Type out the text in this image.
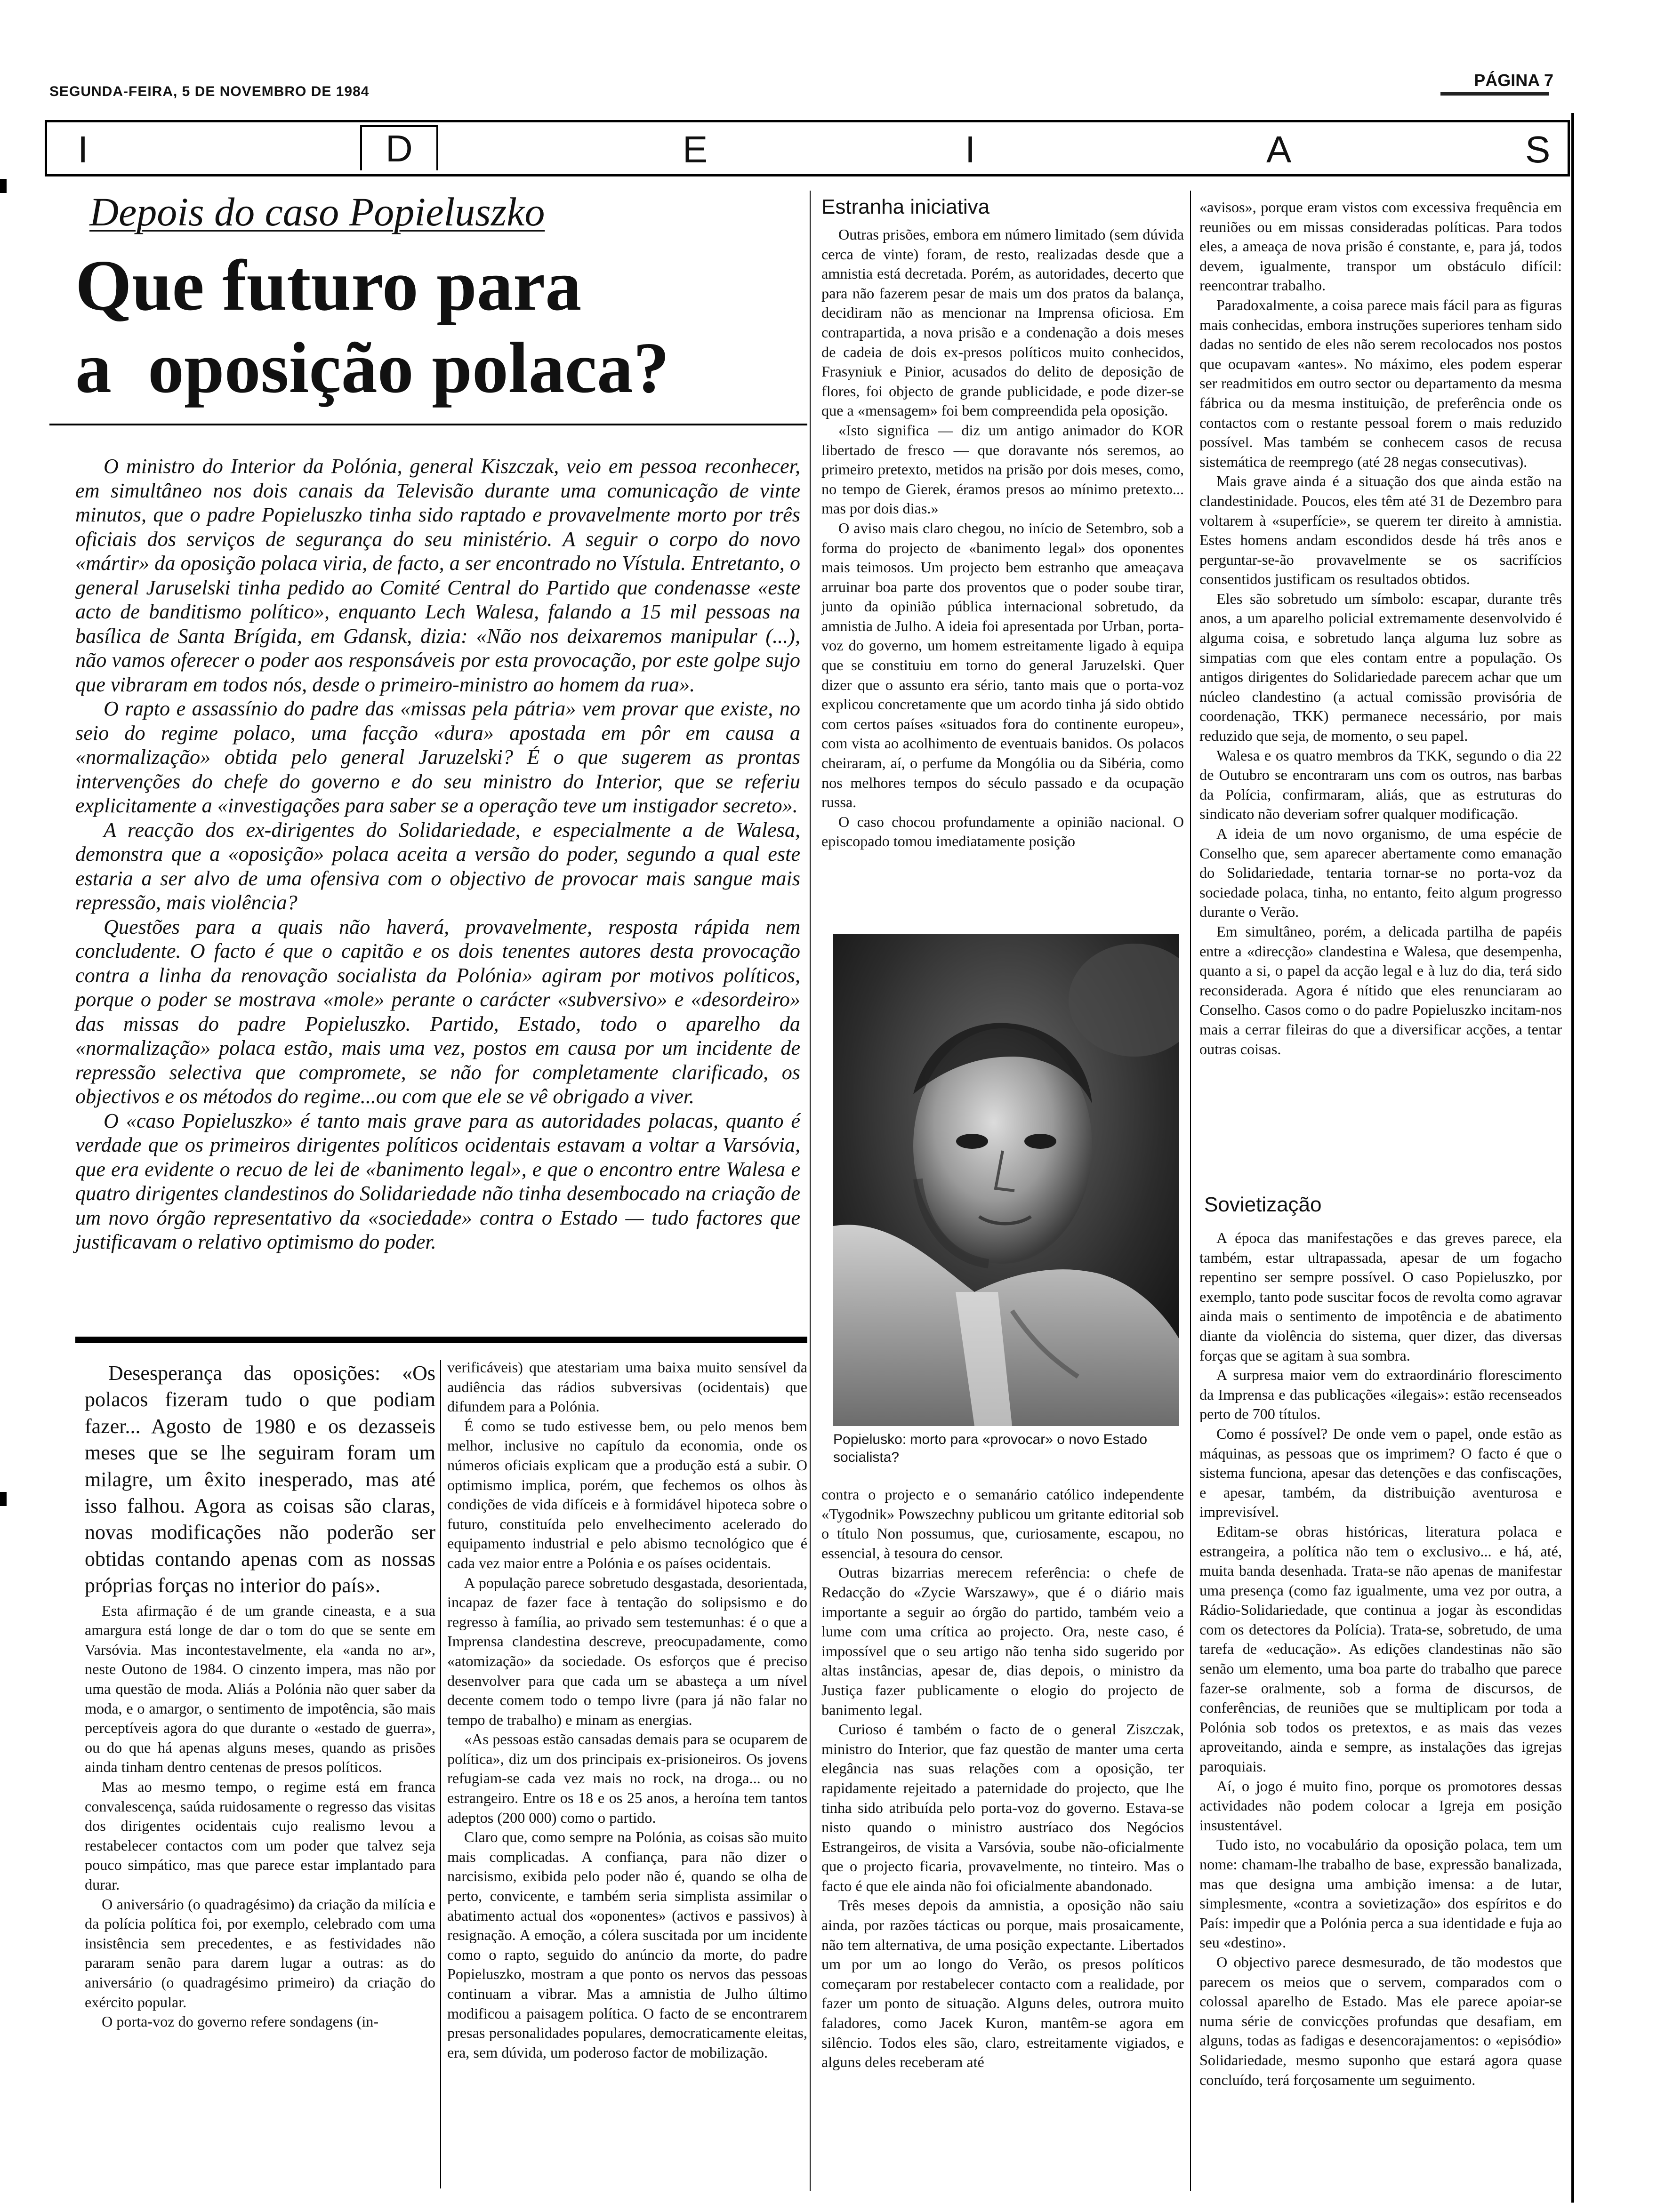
SEGUNDA-FEIRA, 5 DE NOVEMBRO DE 1984
PÁGINA 7
I	D	E	I	A	S
Depois do caso Popieluszko
Que futuro para
a  oposição polaca?

O ministro do Interior da Polónia, general Kiszczak, veio em pessoa reconhecer, em simultâneo nos dois canais da Televisão durante uma comunicação de vinte minutos, que o padre Popieluszko tinha sido raptado e provavelmente morto por três oficiais dos serviços de segurança do seu ministério. A seguir o corpo do novo «mártir» da oposição polaca viria, de facto, a ser encontrado no Vístula. Entretanto, o general Jaruselski tinha pedido ao Comité Central do Partido que condenasse «este acto de banditismo político», enquanto Lech Walesa, falando a 15 mil pessoas na basílica de Santa Brígida, em Gdansk, dizia: «Não nos deixaremos manipular (...), não vamos oferecer o poder aos responsáveis por esta provocação, por este golpe sujo que vibraram em todos nós, desde o primeiro-ministro ao homem da rua».

O rapto e assassínio do padre das «missas pela pátria» vem provar que existe, no seio do regime polaco, uma facção «dura» apostada em pôr em causa a «normalização» obtida pelo general Jaruzelski? É o que sugerem as prontas intervenções do chefe do governo e do seu ministro do Interior, que se referiu explicitamente a «investigações para saber se a operação teve um instigador secreto».

A reacção dos ex-dirigentes do Solidariedade, e especialmente a de Walesa, demonstra que a «oposição» polaca aceita a versão do poder, segundo a qual este estaria a ser alvo de uma ofensiva com o objectivo de provocar mais sangue mais repressão, mais violência?

Questões para a quais não haverá, provavelmente, resposta rápida nem concludente. O facto é que o capitão e os dois tenentes autores desta provocação contra a linha da renovação socialista da Polónia» agiram por motivos políticos, porque o poder se mostrava «mole» perante o carácter «subversivo» e «desordeiro» das missas do padre Popieluszko. Partido, Estado, todo o aparelho da «normalização» polaca estão, mais uma vez, postos em causa por um incidente de repressão selectiva que compromete, se não for completamente clarificado, os objectivos e os métodos do regime...ou com que ele se vê obrigado a viver.

O «caso Popieluszko» é tanto mais grave para as autoridades polacas, quanto é verdade que os primeiros dirigentes políticos ocidentais estavam a voltar a Varsóvia, que era evidente o recuo de lei de «banimento legal», e que o encontro entre Walesa e quatro dirigentes clandestinos do Solidariedade não tinha desembocado na criação de um novo órgão representativo da «sociedade» contra o Estado — tudo factores que justificavam o relativo optimismo do poder.

Desesperança das oposições: «Os polacos fizeram tudo o que podiam fazer... Agosto de 1980 e os dezasseis meses que se lhe seguiram foram um milagre, um êxito inesperado, mas até isso falhou. Agora as coisas são claras, novas modificações não poderão ser obtidas contando apenas com as nossas próprias forças no interior do país».

Esta afirmação é de um grande cineasta, e a sua amargura está longe de dar o tom do que se sente em Varsóvia. Mas incontestavelmente, ela «anda no ar», neste Outono de 1984. O cinzento impera, mas não por uma questão de moda. Aliás a Polónia não quer saber da moda, e o amargor, o sentimento de impotência, são mais perceptíveis agora do que durante o «estado de guerra», ou do que há apenas alguns meses, quando as prisões ainda tinham dentro centenas de presos políticos.

Mas ao mesmo tempo, o regime está em franca convalescença, saúda ruidosamente o regresso das visitas dos dirigentes ocidentais cujo realismo levou a restabelecer contactos com um poder que talvez seja pouco simpático, mas que parece estar implantado para durar.

O aniversário (o quadragésimo) da criação da milícia e da polícia política foi, por exemplo, celebrado com uma insistência sem precedentes, e as festividades não pararam senão para darem lugar a outras: as do aniversário (o quadragésimo primeiro) da criação do exército popular.

O porta-voz do governo refere sondagens (in-

verificáveis) que atestariam uma baixa muito sensível da audiência das rádios subversivas (ocidentais) que difundem para a Polónia.

É como se tudo estivesse bem, ou pelo menos bem melhor, inclusive no capítulo da economia, onde os números oficiais explicam que a produção está a subir. O optimismo implica, porém, que fechemos os olhos às condições de vida difíceis e à formidável hipoteca sobre o futuro, constituída pelo envelhecimento acelerado do equipamento industrial e pelo abismo tecnológico que é cada vez maior entre a Polónia e os países ocidentais.

A população parece sobretudo desgastada, desorientada, incapaz de fazer face à tentação do solipsismo e do regresso à família, ao privado sem testemunhas: é o que a Imprensa clandestina descreve, preocupadamente, como «atomização» da sociedade. Os esforços que é preciso desenvolver para que cada um se abasteça a um nível decente comem todo o tempo livre (para já não falar no tempo de trabalho) e minam as energias.

«As pessoas estão cansadas demais para se ocuparem de política», diz um dos principais ex-prisioneiros. Os jovens refugiam-se cada vez mais no rock, na droga... ou no estrangeiro. Entre os 18 e os 25 anos, a heroína tem tantos adeptos (200 000) como o partido.

Claro que, como sempre na Polónia, as coisas são muito mais complicadas. A confiança, para não dizer o narcisismo, exibida pelo poder não é, quando se olha de perto, convicente, e também seria simplista assimilar o abatimento actual dos «oponentes» (activos e passivos) à resignação. A emoção, a cólera suscitada por um incidente como o rapto, seguido do anúncio da morte, do padre Popieluszko, mostram a que ponto os nervos das pessoas continuam a vibrar. Mas a amnistia de Julho último modificou a paisagem política. O facto de se encontrarem presas personalidades populares, democraticamente eleitas, era, sem dúvida, um poderoso factor de mobilização.

Estranha iniciativa

Outras prisões, embora em número limitado (sem dúvida cerca de vinte) foram, de resto, realizadas desde que a amnistia está decretada. Porém, as autoridades, decerto que para não fazerem pesar de mais um dos pratos da balança, decidiram não as mencionar na Imprensa oficiosa. Em contrapartida, a nova prisão e a condenação a dois meses de cadeia de dois ex-presos políticos muito conhecidos, Frasyniuk e Pinior, acusados do delito de deposição de flores, foi objecto de grande publicidade, e pode dizer-se que a «mensagem» foi bem compreendida pela oposição.

«Isto significa — diz um antigo animador do KOR libertado de fresco — que doravante nós seremos, ao primeiro pretexto, metidos na prisão por dois meses, como, no tempo de Gierek, éramos presos ao mínimo pretexto... mas por dois dias.»

O aviso mais claro chegou, no início de Setembro, sob a forma do projecto de «banimento legal» dos oponentes mais teimosos. Um projecto bem estranho que ameaçava arruinar boa parte dos proventos que o poder soube tirar, junto da opinião pública internacional sobretudo, da amnistia de Julho. A ideia foi apresentada por Urban, porta-voz do governo, um homem estreitamente ligado à equipa que se constituiu em torno do general Jaruzelski. Quer dizer que o assunto era sério, tanto mais que o porta-voz explicou concretamente que um acordo tinha já sido obtido com certos países «situados fora do continente europeu», com vista ao acolhimento de eventuais banidos. Os polacos cheiraram, aí, o perfume da Mongólia ou da Sibéria, como nos melhores tempos do século passado e da ocupação russa.

O caso chocou profundamente a opinião nacional. O episcopado tomou imediatamente posição

Popielusko: morto para «provocar» o novo Estado socialista?

contra o projecto e o semanário católico independente «Tygodnik» Powszechny publicou um gritante editorial sob o título Non possumus, que, curiosamente, escapou, no essencial, à tesoura do censor.

Outras bizarrias merecem referência: o chefe de Redacção do «Zycie Warszawy», que é o diário mais importante a seguir ao órgão do partido, também veio a lume com uma crítica ao projecto. Ora, neste caso, é impossível que o seu artigo não tenha sido sugerido por altas instâncias, apesar de, dias depois, o ministro da Justiça fazer publicamente o elogio do projecto de banimento legal.

Curioso é também o facto de o general Ziszczak, ministro do Interior, que faz questão de manter uma certa elegância nas suas relações com a oposição, ter rapidamente rejeitado a paternidade do projecto, que lhe tinha sido atribuída pelo porta-voz do governo. Estava-se nisto quando o ministro austríaco dos Negócios Estrangeiros, de visita a Varsóvia, soube não-oficialmente que o projecto ficaria, provavelmente, no tinteiro. Mas o facto é que ele ainda não foi oficialmente abandonado.

Três meses depois da amnistia, a oposição não saiu ainda, por razões tácticas ou porque, mais prosaicamente, não tem alternativa, de uma posição expectante. Libertados um por um ao longo do Verão, os presos políticos começaram por restabelecer contacto com a realidade, por fazer um ponto de situação. Alguns deles, outrora muito faladores, como Jacek Kuron, mantêm-se agora em silêncio. Todos eles são, claro, estreitamente vigiados, e alguns deles receberam até

«avisos», porque eram vistos com excessiva frequência em reuniões ou em missas consideradas políticas. Para todos eles, a ameaça de nova prisão é constante, e, para já, todos devem, igualmente, transpor um obstáculo difícil: reencontrar trabalho.

Paradoxalmente, a coisa parece mais fácil para as figuras mais conhecidas, embora instruções superiores tenham sido dadas no sentido de eles não serem recolocados nos postos que ocupavam «antes». No máximo, eles podem esperar ser readmitidos em outro sector ou departamento da mesma fábrica ou da mesma instituição, de preferência onde os contactos com o restante pessoal forem o mais reduzido possível. Mas também se conhecem casos de recusa sistemática de reemprego (até 28 negas consecutivas).

Mais grave ainda é a situação dos que ainda estão na clandestinidade. Poucos, eles têm até 31 de Dezembro para voltarem à «superfície», se querem ter direito à amnistia. Estes homens andam escondidos desde há três anos e perguntar-se-ão provavelmente se os sacrifícios consentidos justificam os resultados obtidos.

Eles são sobretudo um símbolo: escapar, durante três anos, a um aparelho policial extremamente desenvolvido é alguma coisa, e sobretudo lança alguma luz sobre as simpatias com que eles contam entre a população. Os antigos dirigentes do Solidariedade parecem achar que um núcleo clandestino (a actual comissão provisória de coordenação, TKK) permanece necessário, por mais reduzido que seja, de momento, o seu papel.

Walesa e os quatro membros da TKK, segundo o dia 22 de Outubro se encontraram uns com os outros, nas barbas da Polícia, confirmaram, aliás, que as estruturas do sindicato não deveriam sofrer qualquer modificação.

A ideia de um novo organismo, de uma espécie de Conselho que, sem aparecer abertamente como emanação do Solidariedade, tentaria tornar-se no porta-voz da sociedade polaca, tinha, no entanto, feito algum progresso durante o Verão.

Em simultâneo, porém, a delicada partilha de papéis entre a «direcção» clandestina e Walesa, que desempenha, quanto a si, o papel da acção legal e à luz do dia, terá sido reconsiderada. Agora é nítido que eles renunciaram ao Conselho. Casos como o do padre Popieluszko incitam-nos mais a cerrar fileiras do que a diversificar acções, a tentar outras coisas.

Sovietização

A época das manifestações e das greves parece, ela também, estar ultrapassada, apesar de um fogacho repentino ser sempre possível. O caso Popieluszko, por exemplo, tanto pode suscitar focos de revolta como agravar ainda mais o sentimento de impotência e de abatimento diante da violência do sistema, quer dizer, das diversas forças que se agitam à sua sombra.

A surpresa maior vem do extraordinário florescimento da Imprensa e das publicações «ilegais»: estão recenseados perto de 700 títulos.

Como é possível? De onde vem o papel, onde estão as máquinas, as pessoas que os imprimem? O facto é que o sistema funciona, apesar das detenções e das confiscações, e apesar, também, da distribuição aventurosa e imprevisível.

Editam-se obras históricas, literatura polaca e estrangeira, a política não tem o exclusivo... e há, até, muita banda desenhada. Trata-se não apenas de manifestar uma presença (como faz igualmente, uma vez por outra, a Rádio-Solidariedade, que continua a jogar às escondidas com os detectores da Polícia). Trata-se, sobretudo, de uma tarefa de «educação». As edições clandestinas não são senão um elemento, uma boa parte do trabalho que parece fazer-se oralmente, sob a forma de discursos, de conferências, de reuniões que se multiplicam por toda a Polónia sob todos os pretextos, e as mais das vezes aproveitando, ainda e sempre, as instalações das igrejas paroquiais.

Aí, o jogo é muito fino, porque os promotores dessas actividades não podem colocar a Igreja em posição insustentável.

Tudo isto, no vocabulário da oposição polaca, tem um nome: chamam-lhe trabalho de base, expressão banalizada, mas que designa uma ambição imensa: a de lutar, simplesmente, «contra a sovietização» dos espíritos e do País: impedir que a Polónia perca a sua identidade e fuja ao seu «destino».

O objectivo parece desmesurado, de tão modestos que parecem os meios que o servem, comparados com o colossal aparelho de Estado. Mas ele parece apoiar-se numa série de convicções profundas que desafiam, em alguns, todas as fadigas e desencorajamentos: o «episódio» Solidariedade, mesmo suponho que estará agora quase concluído, terá forçosamente um seguimento.
